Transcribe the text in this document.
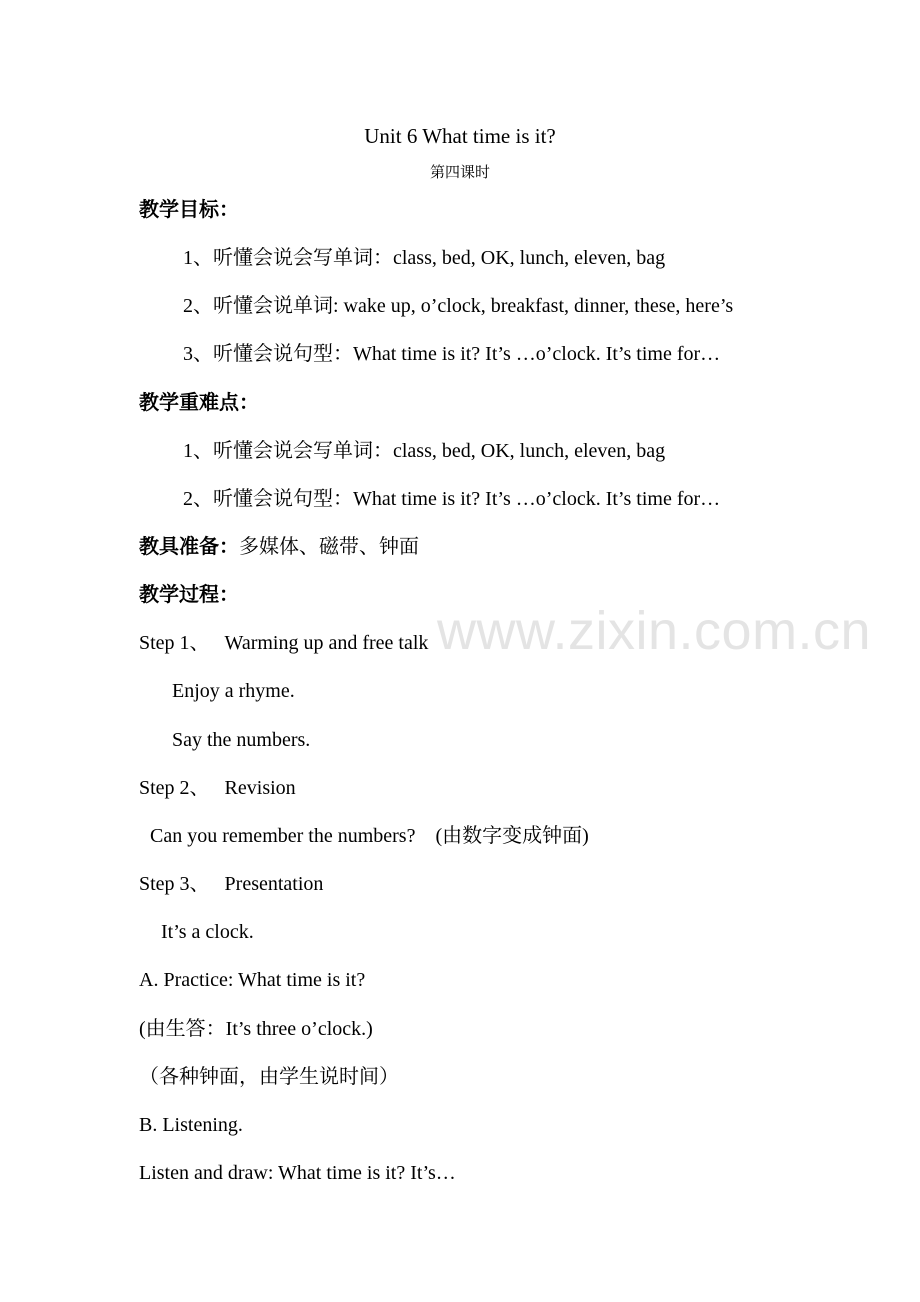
www.zixin.com.cn
Unit 6 What time is it?
第四课时
教学目标：
1、听懂会说会写单词：class, bed, OK, lunch, eleven, bag
2、听懂会说单词: wake up, o’clock, breakfast, dinner, these, here’s
3、听懂会说句型：What time is it? It’s …o’clock. It’s time for…
教学重难点：
1、听懂会说会写单词：class, bed, OK, lunch, eleven, bag
2、听懂会说句型：What time is it? It’s …o’clock. It’s time for…
教具准备：多媒体、磁带、钟面
教学过程：
Step 1、   Warming up and free talk
Enjoy a rhyme.
Say the numbers.
Step 2、   Revision
Can you remember the numbers?    (由数字变成钟面)
Step 3、   Presentation
It’s a clock.
A. Practice: What time is it?
(由生答：It’s three o’clock.)
（各种钟面，由学生说时间）
B. Listening.
Listen and draw: What time is it? It’s…
